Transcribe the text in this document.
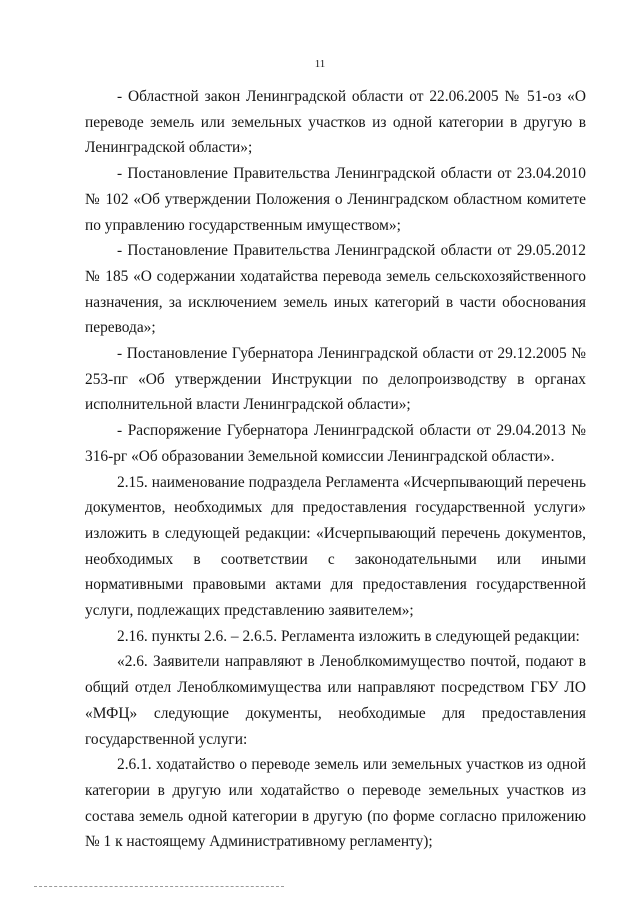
11

- Областной закон Ленинградской области от 22.06.2005 № 51-оз «О переводе земель или земельных участков из одной категории в другую в Ленинградской области»;

- Постановление Правительства Ленинградской области от 23.04.2010 № 102 «Об утверждении Положения о Ленинградском областном комитете по управлению государственным имуществом»;

- Постановление Правительства Ленинградской области от 29.05.2012 № 185 «О содержании ходатайства перевода земель сельскохозяйственного назначения, за исключением земель иных категорий в части обоснования перевода»;

- Постановление Губернатора Ленинградской области от 29.12.2005 № 253-пг «Об утверждении Инструкции по делопроизводству в органах исполнительной власти Ленинградской области»;

- Распоряжение Губернатора Ленинградской области от 29.04.2013 № 316-рг «Об образовании Земельной комиссии Ленинградской области».

2.15. наименование подраздела Регламента «Исчерпывающий перечень документов, необходимых для предоставления государственной услуги» изложить в следующей редакции: «Исчерпывающий перечень документов, необходимых в соответствии с законодательными или иными нормативными правовыми актами для предоставления государственной услуги, подлежащих представлению заявителем»;

2.16. пункты 2.6. – 2.6.5. Регламента изложить в следующей редакции:

«2.6. Заявители направляют в Леноблкомимущество почтой, подают в общий отдел Леноблкомимущества или направляют посредством ГБУ ЛО «МФЦ» следующие документы, необходимые для предоставления государственной услуги:

2.6.1. ходатайство о переводе земель или земельных участков из одной категории в другую или ходатайство о переводе земельных участков из состава земель одной категории в другую (по форме согласно приложению № 1 к настоящему Административному регламенту);
